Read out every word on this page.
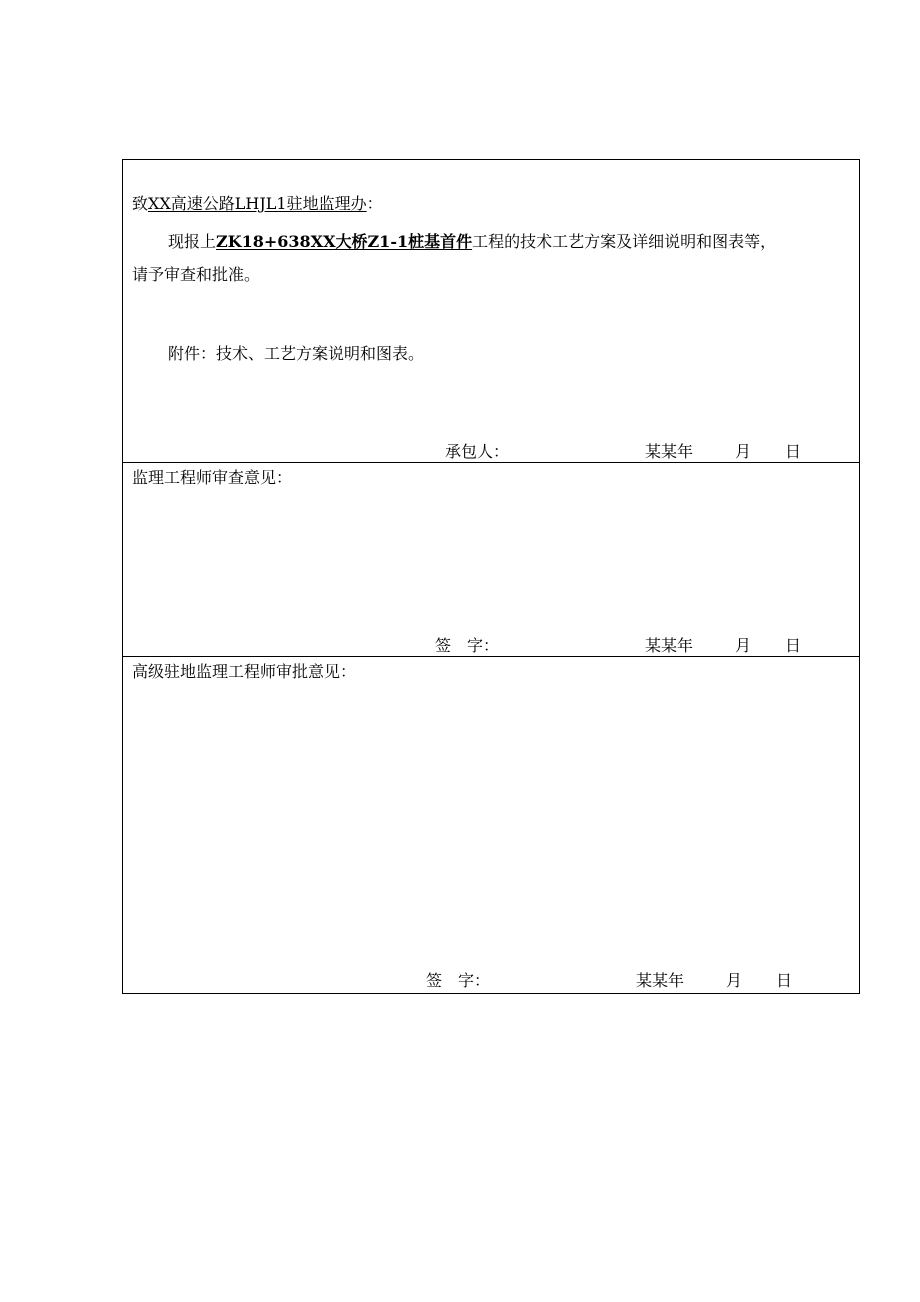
致XX高速公路LHJL1驻地监理办：
现报上ZK18+638XX大桥Z1-1桩基首件工程的技术工艺方案及详细说明和图表等，
请予审查和批准。
附件：技术、工艺方案说明和图表。
承包人：	某某年	月 日
监理工程师审查意见：
签　字：	某某年	月 日
高级驻地监理工程师审批意见：
签　字：	某某年	月 日
